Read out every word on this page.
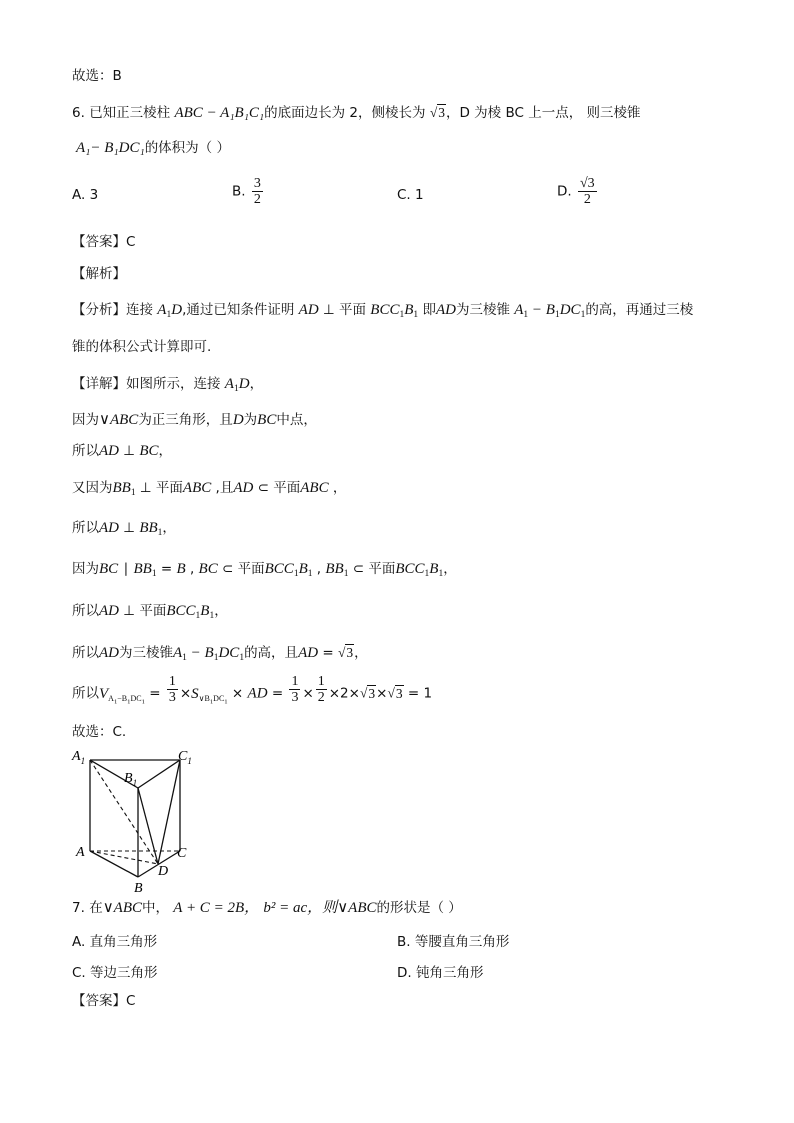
故选：B
6. 已知正三棱柱 ABC − A₁B₁C₁的底面边长为 2，侧棱长为 √3，D 为棱 BC 上一点， 则三棱锥
A₁− B₁DC₁的体积为（ ）
A. 3	B. $\frac{3}{2}$	C. 1	D. $\frac{√3}{2}$
【答案】C
【解析】
【分析】连接 $A_1D$,通过已知条件证明 AD ⊥ 平面 $BCC_1B_1$ 即AD为三棱锥 $A_1 - B_1DC_1$的高，再通过三棱
锥的体积公式计算即可.
【详解】如图所示，连接 $A_1D$，
因为∨ABC为正三角形，且D为BC中点，
所以AD ⊥ BC，
又因为$BB_1$ ⊥ 平面ABC ,且AD ⊂ 平面ABC ，
所以AD ⊥ $BB_1$，
因为BC ∣ $BB_1 = B$ , BC ⊂ 平面$BCC_1B_1$ , $BB_1$ ⊂ 平面$BCC_1B_1$，
所以AD ⊥ 平面$BCC_1B_1$，
所以AD为三棱锥$A_1 - B_1DC_1$的高，且AD = √3，
所以$V_{A_1-B_1DC_1} = \frac{1}{3} \times S_{\vee B_1DC_1}$ × AD = $\frac{1}{3} \times \frac{1}{2} \times 2\times√3\times√3 = 1$
故选：C.
$A_1$
$B_1$
$C_1$
A
B
C
D
7. 在∨ABC中， A + C = 2B， b² = ac，则∨ABC的形状是（ ）
A. 直角三角形	B. 等腰直角三角形
C. 等边三角形	D. 钝角三角形
【答案】C
